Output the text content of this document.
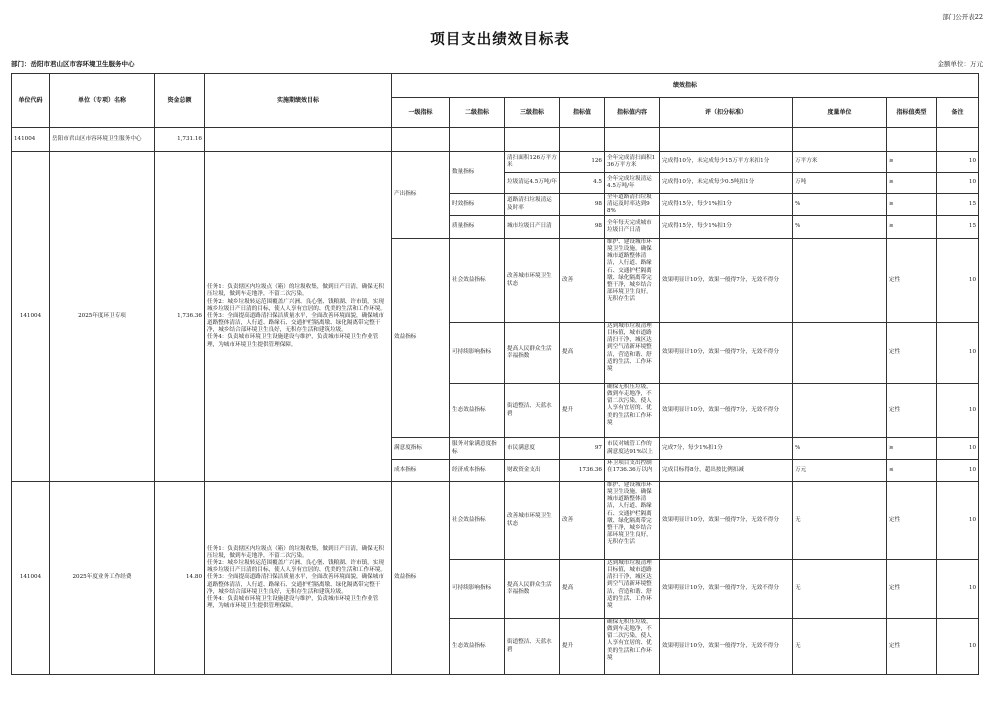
部门公开表22
项目支出绩效目标表
部门：岳阳市君山区市容环境卫生服务中心	金额单位：万元
单位代码	单位（专项）名称	资金总额	实施期绩效目标	绩效指标								
				一级指标	二级指标	三级指标	指标值	指标值内容	评（扣分标准）	度量单位	指标值类型	备注
141004	岳阳市君山区市容环境卫生服务中心	1,731.16										
141004	2025年度环卫专项	1,736.36	任务1：负责辖区内垃圾点（箱）的垃圾收集，做到日产日清，确保无积压垃圾，做到车走地净，不留二次污染。
任务2：城乡垃圾转运范围覆盖广兴洲、良心堡、钱粮湖、许市镇，实现城乡垃圾日产日清的目标，使人人享有宜居的、优美的生活和工作环境。
任务3：全面提高道路清扫保洁质量水平，全面改善环境面貌，确保城市道路整体清洁，人行道、路缘石、交通护栏隔离墩、绿化隔离带完整干净，城乡结合部环境卫生良好，无积存生活和建筑垃圾。
任务4：负责城市环境卫生设施建设与维护，负责城市环境卫生作业管理，为城市环境卫生提供管理保障。	产出指标	数量指标	清扫面积126万平方米	126	全年完成清扫面积136万平方米	完成得10分，未完成每少15万平方米扣1分	万平方米	≥	10
						垃圾清运4.5万吨/年	4.5	全年完成垃圾清运4.5万吨/年	完成得10分，未完成每少0.5吨扣1分	万吨	≥	10
					时效指标	道路清扫垃圾清运及时率	98	全年道路清扫垃圾清运及时率达到98%	完成得15分，每少1%扣1分	%	≥	15
					质量指标	城市垃圾日产日清	98	全年每天完成城市垃圾日产日清	完成得15分，每少1%扣1分	%	≥	15
				效益指标	社会效益指标	改善城市环境卫生状态	改善	维护、建设城市环境卫生设施。确保城市道路整体清洁，人行道、路缘石、交通护栏隔离墩、绿化隔离带完整干净，城乡结合部环境卫生良好，无积存生活	效果明显计10分，效果一般得7分，无效不得分		定性	10
					可持续影响指标	提高人民群众生活幸福指数	提高	达到城市垃圾清理目标值，城市道路清扫干净，城区达到空气清新环境整洁，营造和谐、舒适的生活、工作环境	效果明显计10分，效果一般得7分，无效不得分		定性	10
					生态效益指标	街道整洁、天蓝水碧	提升	确保无积压垃圾，做到车走地净，不留二次污染，使人人享有宜居的、优美的生活和工作环境	效果明显计10分，效果一般得7分，无效不得分		定性	10
				满意度指标	服务对象满意度指标	市民满意度	97	市民对城管工作的满意度达91%以上	完成7分，每少1%扣1分	%	≥	10
				成本指标	经济成本指标	财政资金支出	1736.36	环卫项目支出控制在1736.36万以内	完成目标得8分，超出按比例扣减	万元	≤	10
141004	2025年度业务工作经费	14.80	任务1：负责辖区内垃圾点（箱）的垃圾收集，做到日产日清，确保无积压垃圾，做到车走地净，不留二次污染。
任务2：城乡垃圾转运范围覆盖广兴洲、良心堡、钱粮湖、许市镇，实现城乡垃圾日产日清的目标，使人人享有宜居的、优美的生活和工作环境。
任务3：全面提高道路清扫保洁质量水平，全面改善环境面貌，确保城市道路整体清洁，人行道、路缘石、交通护栏隔离墩、绿化隔离带完整干净，城乡结合部环境卫生良好，无积存生活和建筑垃圾。
任务4：负责城市环境卫生设施建设与维护，负责城市环境卫生作业管理，为城市环境卫生提供管理保障。	效益指标	社会效益指标	改善城市环境卫生状态	改善	维护、建设城市环境卫生设施。确保城市道路整体清洁，人行道、路缘石、交通护栏隔离墩、绿化隔离带完整干净，城乡结合部环境卫生良好，无积存生活	效果明显计10分，效果一般得7分，无效不得分	无	定性	10
					可持续影响指标	提高人民群众生活幸福指数	提高	达到城市垃圾清理目标值，城市道路清扫干净，城区达到空气清新环境整洁，营造和谐、舒适的生活、工作环境	效果明显计10分，效果一般得7分，无效不得分	无	定性	10
					生态效益指标	街道整洁、天蓝水碧	提升	确保无积压垃圾，做到车走地净，不留二次污染，使人人享有宜居的、优美的生活和工作环境	效果明显计10分，效果一般得7分，无效不得分	无	定性	10
